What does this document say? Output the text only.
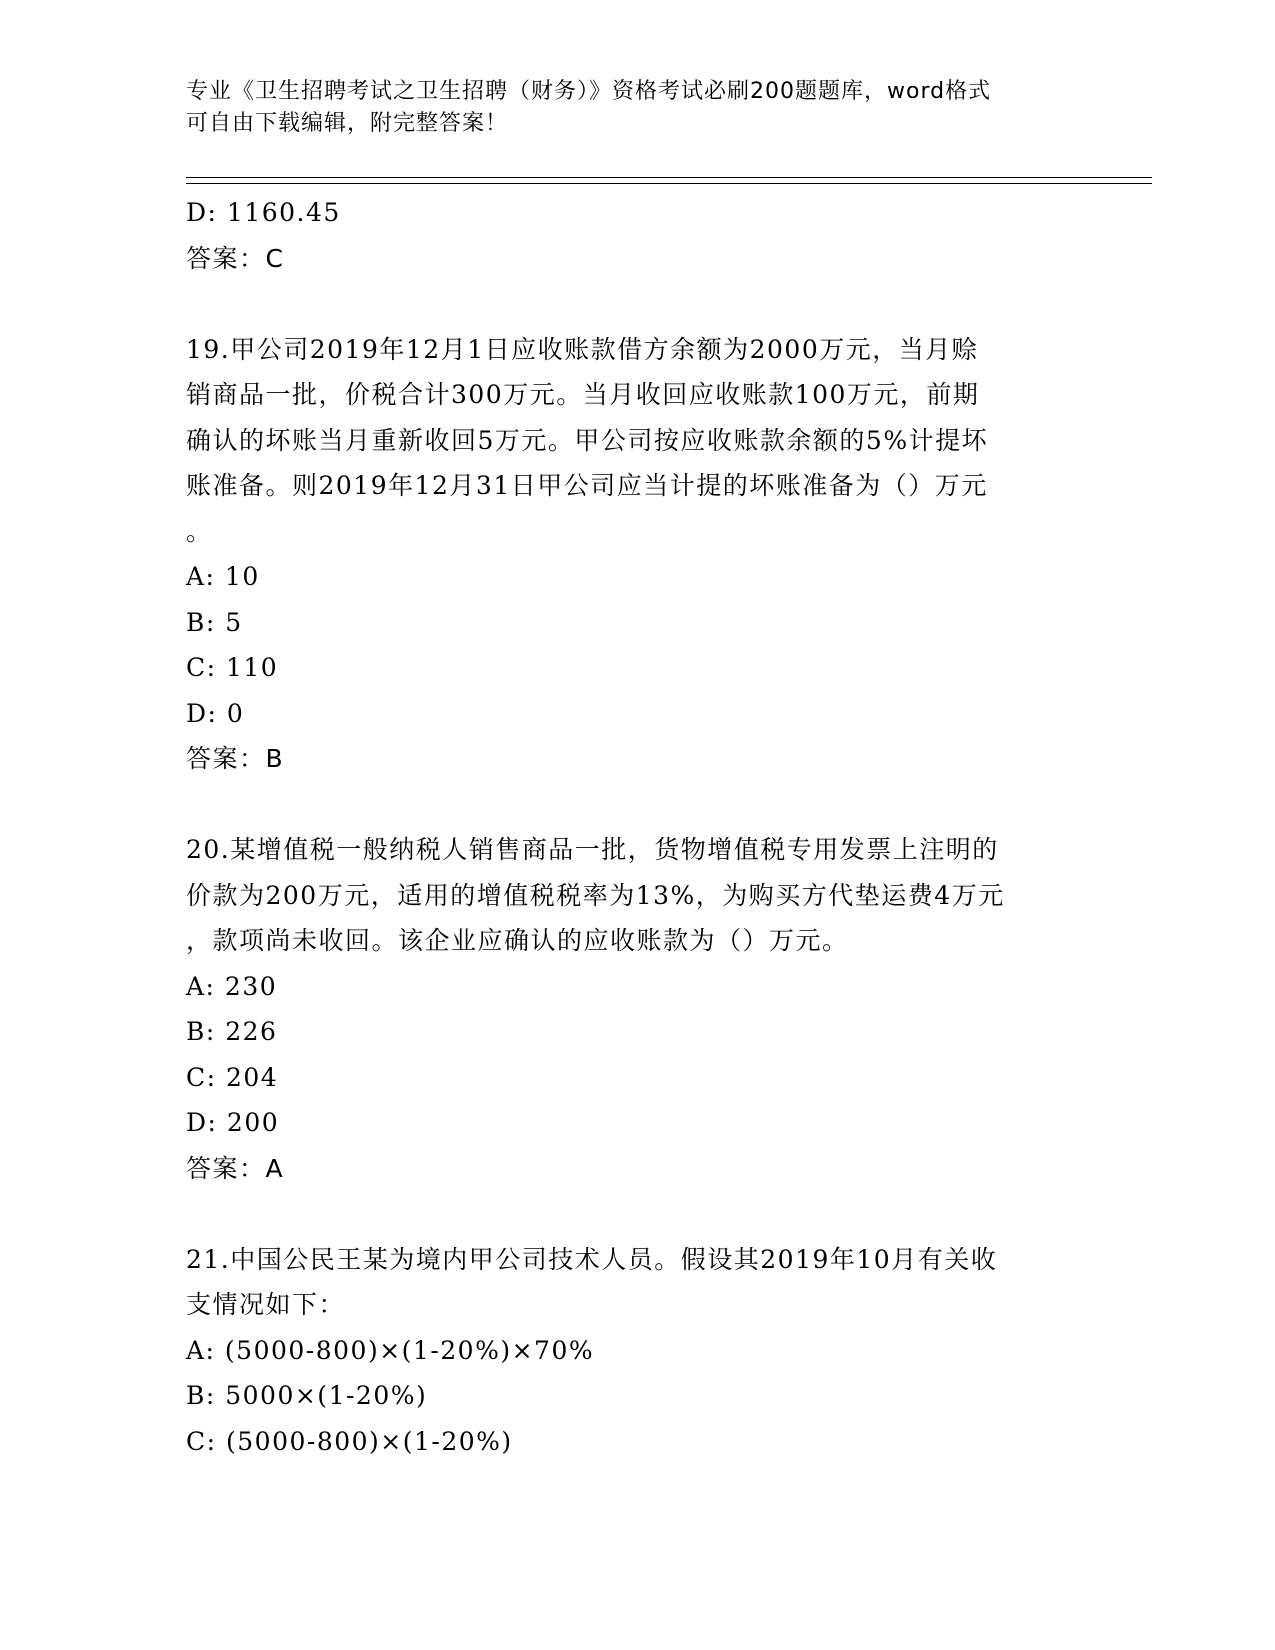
专业《卫生招聘考试之卫生招聘（财务）》资格考试必刷200题题库，word格式
可自由下载编辑，附完整答案！
D: 1160.45
答案：C
19.甲公司2019年12月1日应收账款借方余额为2000万元，当月赊
销商品一批，价税合计300万元。当月收回应收账款100万元，前期
确认的坏账当月重新收回5万元。甲公司按应收账款余额的5%计提坏
账准备。则2019年12月31日甲公司应当计提的坏账准备为（）万元
。
A: 10
B: 5
C: 110
D: 0
答案：B
20.某增值税一般纳税人销售商品一批，货物增值税专用发票上注明的
价款为200万元，适用的增值税税率为13%，为购买方代垫运费4万元
，款项尚未收回。该企业应确认的应收账款为（）万元。
A: 230
B: 226
C: 204
D: 200
答案：A
21.中国公民王某为境内甲公司技术人员。假设其2019年10月有关收
支情况如下：
A: (5000-800)×(1-20%)×70%
B: 5000×(1-20%)
C: (5000-800)×(1-20%)
